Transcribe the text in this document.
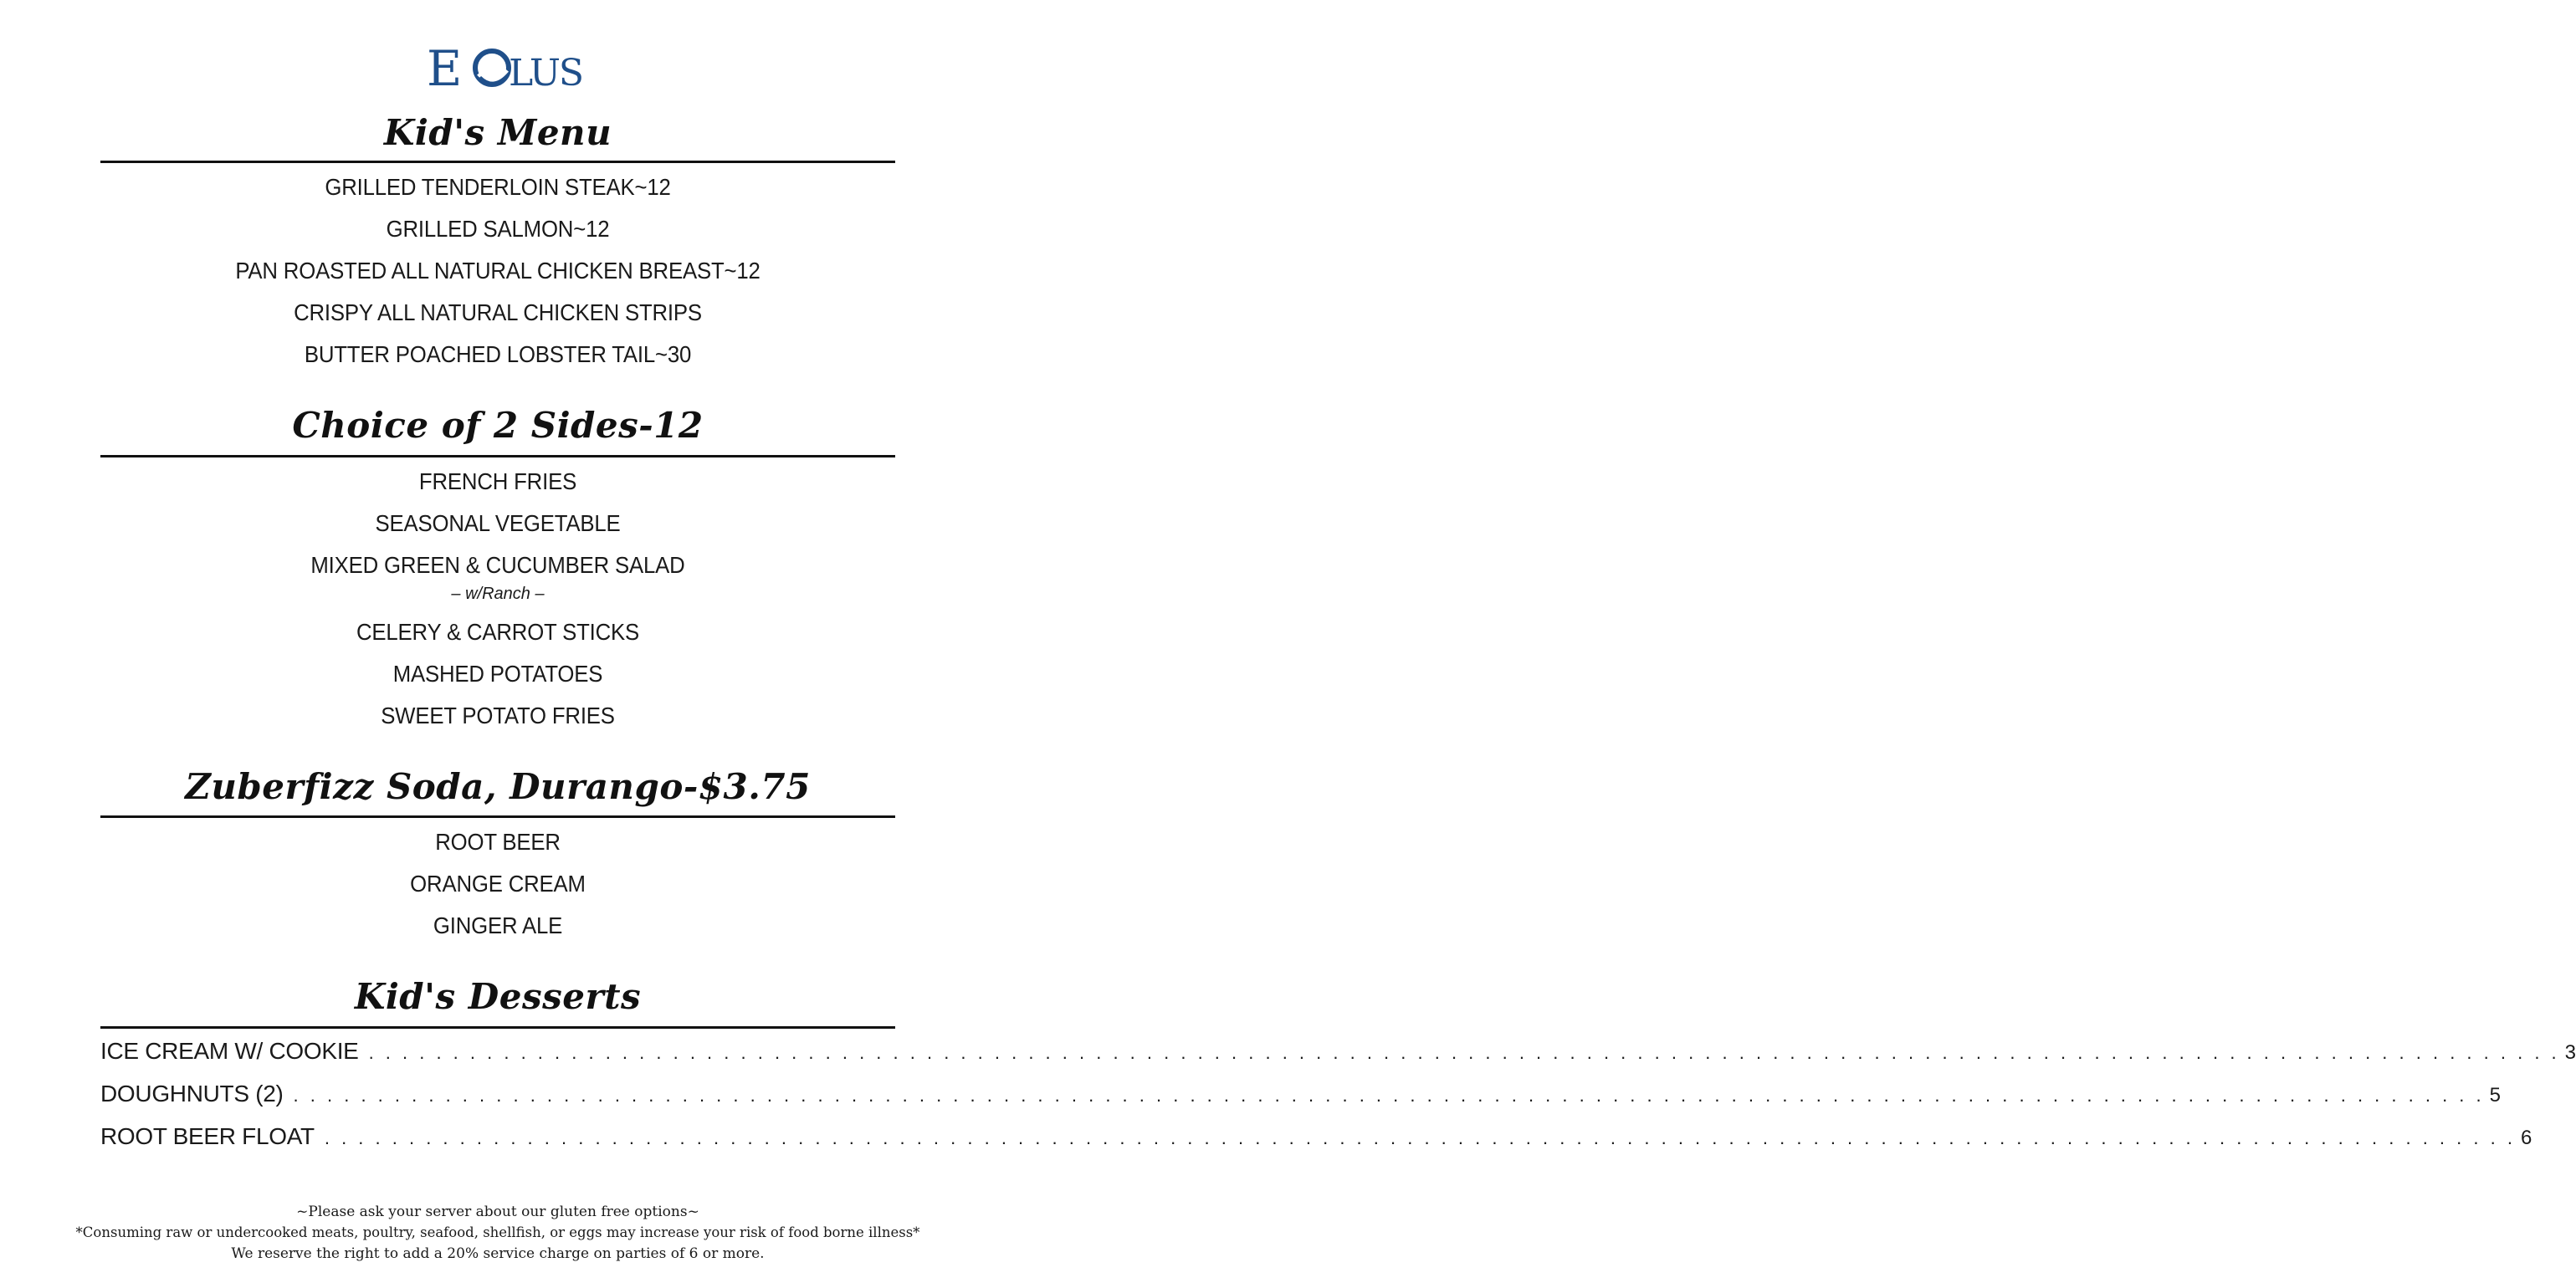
E LUS
Kid's Menu
GRILLED TENDERLOIN STEAK~12
GRILLED SALMON~12
PAN ROASTED ALL NATURAL CHICKEN BREAST~12
CRISPY ALL NATURAL CHICKEN STRIPS
BUTTER POACHED LOBSTER TAIL~30
Choice of 2 Sides-12
FRENCH FRIES
SEASONAL VEGETABLE
MIXED GREEN & CUCUMBER SALAD
– w/Ranch –
CELERY & CARROT STICKS
MASHED POTATOES
SWEET POTATO FRIES
Zuberfizz Soda, Durango-$3.75
ROOT BEER
ORANGE CREAM
GINGER ALE
Kid's Desserts
ICE CREAM W/ COOKIE . . .	3
DOUGHNUTS (2) . . .	5
ROOT BEER FLOAT . . .	6
~Please ask your server about our gluten free options~
*Consuming raw or undercooked meats, poultry, seafood, shellfish, or eggs may increase your risk of food borne illness*
We reserve the right to add a 20% service charge on parties of 6 or more.
